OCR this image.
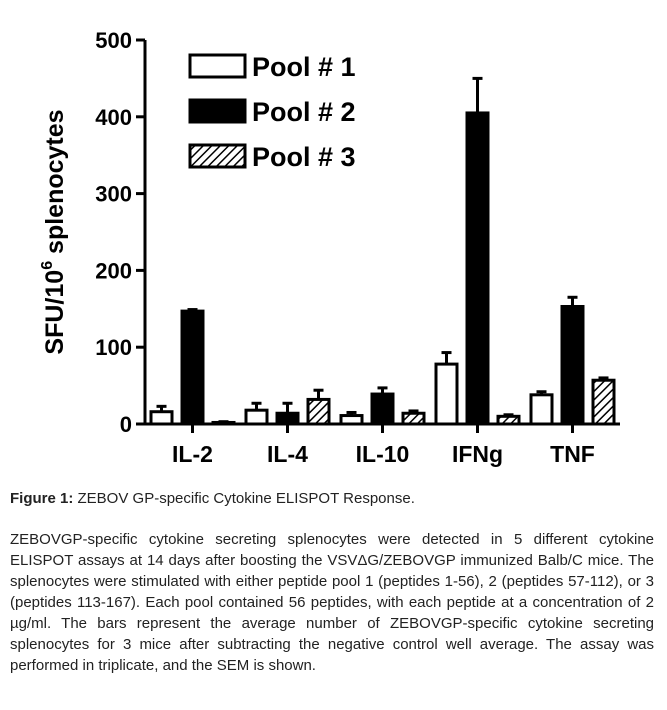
SFU/$10^6$ splenocytes
0
100
200
300
400
500
IL-2 IL-4 IL-10 IFNg TNF
Pool # 1
Pool # 2
Pool # 3
Figure 1: ZEBOV GP-specific Cytokine ELISPOT Response.
ZEBOVGP-specific cytokine secreting splenocytes were detected in 5 different cytokine ELISPOT assays at 14 days after boosting the VSVΔG/ZEBOVGP immunized Balb/C mice. The splenocytes were stimulated with either peptide pool 1 (peptides 1-56), 2 (peptides 57-112), or 3 (peptides 113-167). Each pool contained 56 peptides, with each peptide at a concentration of 2 µg/ml. The bars represent the average number of ZEBOVGP-specific cytokine secreting splenocytes for 3 mice after subtracting the negative control well average. The assay was performed in triplicate, and the SEM is shown.
